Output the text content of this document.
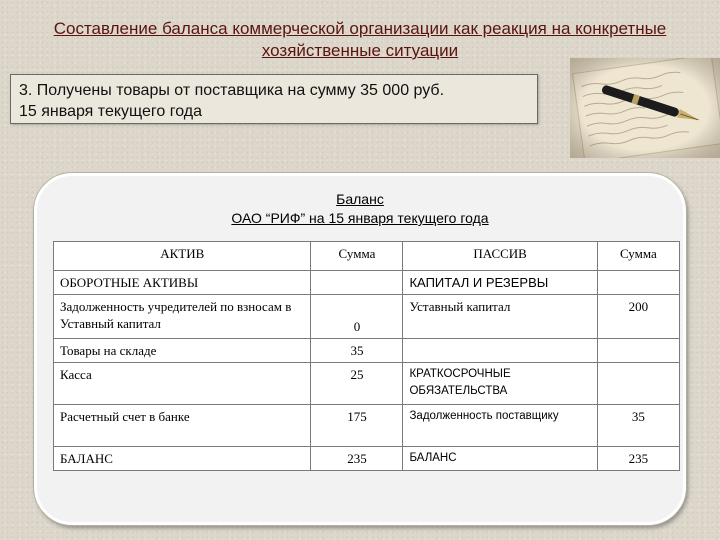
Составление баланса коммерческой организации как реакция на конкретные хозяйственные ситуации
3. Получены товары от поставщика на сумму 35 000 руб.
15 января текущего года
Баланс
ОАО “РИФ” на 15 января текущего года
АКТИВ	Сумма	ПАССИВ	Сумма
ОБОРОТНЫЕ АКТИВЫ		КАПИТАЛ И РЕЗЕРВЫ	
Задолженность учредителей по взносам в Уставный капитал	0	Уставный капитал	200
Товары на складе	35		
Касса	25	КРАТКОСРОЧНЫЕ ОБЯЗАТЕЛЬСТВА	
Расчетный счет в банке	175	Задолженность поставщику	35
БАЛАНС	235	БАЛАНС	235
